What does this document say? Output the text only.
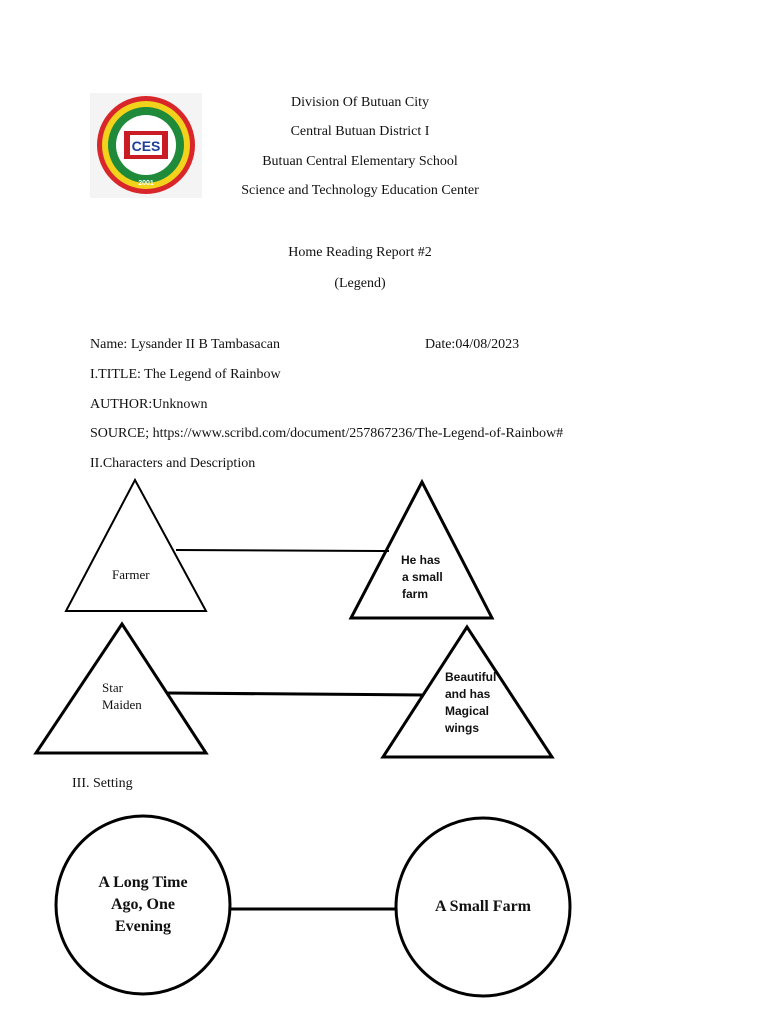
CES
2001
Division Of Butuan City
Central Butuan District I
Butuan Central Elementary School
Science and Technology Education Center
Home Reading Report #2
(Legend)
Name: Lysander II B Tambasacan	Date:04/08/2023
I.TITLE: The Legend of Rainbow
AUTHOR:Unknown
SOURCE; https://www.scribd.com/document/257867236/The-Legend-of-Rainbow#
II.Characters and Description
Farmer
He has
a small
farm
Star
Maiden
Beautiful
and has
Magical
wings
III. Setting
A Long Time
Ago, One
Evening
A Small Farm
